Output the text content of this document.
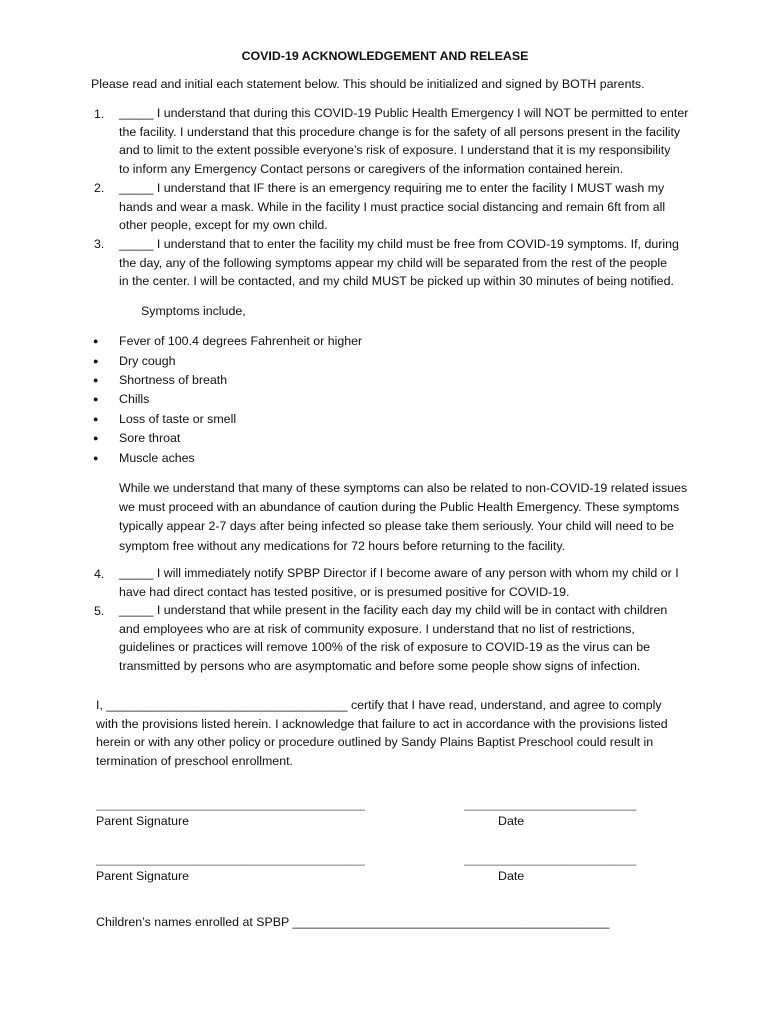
COVID-19 ACKNOWLEDGEMENT AND RELEASE
Please read and initial each statement below. This should be initialized and signed by BOTH parents.
1. _____ I understand that during this COVID-19 Public Health Emergency I will NOT be permitted to enter
the facility. I understand that this procedure change is for the safety of all persons present in the facility
and to limit to the extent possible everyone’s risk of exposure. I understand that it is my responsibility
to inform any Emergency Contact persons or caregivers of the information contained herein.
2. _____ I understand that IF there is an emergency requiring me to enter the facility I MUST wash my
hands and wear a mask. While in the facility I must practice social distancing and remain 6ft from all
other people, except for my own child.
3. _____ I understand that to enter the facility my child must be free from COVID-19 symptoms. If, during
the day, any of the following symptoms appear my child will be separated from the rest of the people
in the center. I will be contacted, and my child MUST be picked up within 30 minutes of being notified.
Symptoms include,
● Fever of 100.4 degrees Fahrenheit or higher
● Dry cough
● Shortness of breath
● Chills
● Loss of taste or smell
● Sore throat
● Muscle aches
While we understand that many of these symptoms can also be related to non-COVID-19 related issues
we must proceed with an abundance of caution during the Public Health Emergency. These symptoms
typically appear 2-7 days after being infected so please take them seriously. Your child will need to be
symptom free without any medications for 72 hours before returning to the facility.
4. _____ I will immediately notify SPBP Director if I become aware of any person with whom my child or I
have had direct contact has tested positive, or is presumed positive for COVID-19.
5. _____ I understand that while present in the facility each day my child will be in contact with children
and employees who are at risk of community exposure. I understand that no list of restrictions,
guidelines or practices will remove 100% of the risk of exposure to COVID-19 as the virus can be
transmitted by persons who are asymptomatic and before some people show signs of infection.
I, ___________________________________ certify that I have read, understand, and agree to comply
with the provisions listed herein. I acknowledge that failure to act in accordance with the provisions listed
herein or with any other policy or procedure outlined by Sandy Plains Baptist Preschool could result in
termination of preschool enrollment.
_______________________________________	_________________________
Parent Signature	Date
_______________________________________	_________________________
Parent Signature	Date
Children’s names enrolled at SPBP ______________________________________________
